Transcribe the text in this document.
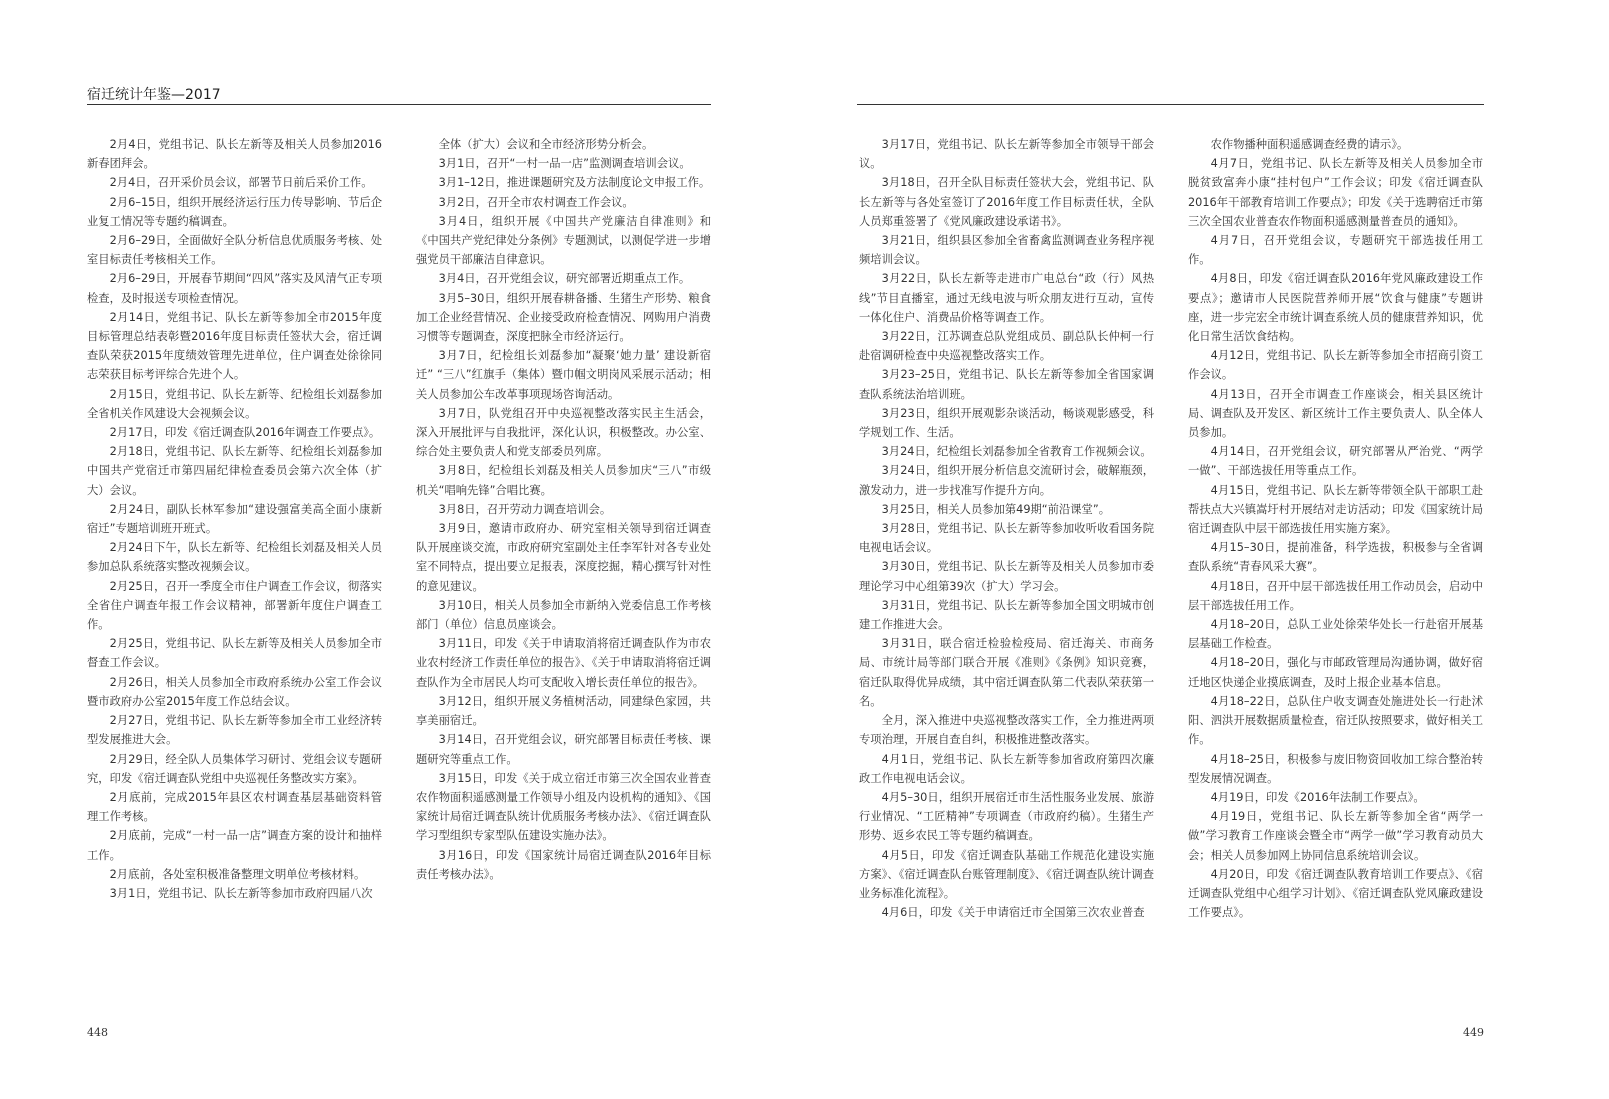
宿迁统计年鉴—2017

2月4日，党组书记、队长左新等及相关人员参加2016新春团拜会。

2月4日，召开采价员会议，部署节日前后采价工作。

2月6–15日，组织开展经济运行压力传导影响、节后企业复工情况等专题约稿调查。

2月6–29日，全面做好全队分析信息优质服务考核、处室目标责任考核相关工作。

2月6–29日，开展春节期间“四风”落实及风清气正专项检查，及时报送专项检查情况。

2月14日，党组书记、队长左新等参加全市2015年度目标管理总结表彰暨2016年度目标责任签状大会，宿迁调查队荣获2015年度绩效管理先进单位，住户调查处徐徐同志荣获目标考评综合先进个人。

2月15日，党组书记、队长左新等、纪检组长刘磊参加全省机关作风建设大会视频会议。

2月17日，印发《宿迁调查队2016年调查工作要点》。

2月18日，党组书记、队长左新等、纪检组长刘磊参加中国共产党宿迁市第四届纪律检查委员会第六次全体（扩大）会议。

2月24日，副队长林军参加“建设强富美高全面小康新宿迁”专题培训班开班式。

2月24日下午，队长左新等、纪检组长刘磊及相关人员参加总队系统落实整改视频会议。

2月25日，召开一季度全市住户调查工作会议，彻落实全省住户调查年报工作会议精神，部署新年度住户调查工作。

2月25日，党组书记、队长左新等及相关人员参加全市督查工作会议。

2月26日，相关人员参加全市政府系统办公室工作会议暨市政府办公室2015年度工作总结会议。

2月27日，党组书记、队长左新等参加全市工业经济转型发展推进大会。

2月29日，经全队人员集体学习研讨、党组会议专题研究，印发《宿迁调查队党组中央巡视任务整改实方案》。

2月底前，完成2015年县区农村调查基层基础资料管理工作考核。

2月底前，完成“一村一品一店”调查方案的设计和抽样工作。

2月底前，各处室积极准备整理文明单位考核材料。

3月1日，党组书记、队长左新等参加市政府四届八次

全体（扩大）会议和全市经济形势分析会。

3月1日，召开“一村一品一店”监测调查培训会议。

3月1–12日，推进课题研究及方法制度论文申报工作。

3月2日，召开全市农村调查工作会议。

3月4日，组织开展《中国共产党廉洁自律准则》和《中国共产党纪律处分条例》专题测试，以测促学进一步增强党员干部廉洁自律意识。

3月4日，召开党组会议，研究部署近期重点工作。

3月5–30日，组织开展春耕备播、生猪生产形势、粮食加工企业经营情况、企业接受政府检查情况、网购用户消费习惯等专题调查，深度把脉全市经济运行。

3月7日，纪检组长刘磊参加“凝聚‘她力量’ 建设新宿迁” “三八”红旗手（集体）暨巾帼文明岗风采展示活动；相关人员参加公车改革事项现场咨询活动。

3月7日，队党组召开中央巡视整改落实民主生活会，深入开展批评与自我批评，深化认识，积极整改。办公室、综合处主要负责人和党支部委员列席。

3月8日，纪检组长刘磊及相关人员参加庆“三八”市级机关“唱响先锋”合唱比赛。

3月8日，召开劳动力调查培训会。

3月9日，邀请市政府办、研究室相关领导到宿迁调查队开展座谈交流，市政府研究室副处主任李军针对各专业处室不同特点，提出要立足报表，深度挖掘，精心撰写针对性的意见建议。

3月10日，相关人员参加全市新纳入党委信息工作考核部门（单位）信息员座谈会。

3月11日，印发《关于申请取消将宿迁调查队作为市农业农村经济工作责任单位的报告》、《关于申请取消将宿迁调查队作为全市居民人均可支配收入增长责任单位的报告》。

3月12日，组织开展义务植树活动，同建绿色家园，共享美丽宿迁。

3月14日，召开党组会议，研究部署目标责任考核、课题研究等重点工作。

3月15日，印发《关于成立宿迁市第三次全国农业普查农作物面积遥感测量工作领导小组及内设机构的通知》、《国家统计局宿迁调查队统计优质服务考核办法》、《宿迁调查队学习型组织专家型队伍建设实施办法》。

3月16日，印发《国家统计局宿迁调查队2016年目标责任考核办法》。

3月17日，党组书记、队长左新等参加全市领导干部会议。

3月18日，召开全队目标责任签状大会，党组书记、队长左新等与各处室签订了2016年度工作目标责任状，全队人员郑重签署了《党风廉政建设承诺书》。

3月21日，组织县区参加全省畜禽监测调查业务程序视频培训会议。

3月22日，队长左新等走进市广电总台“政（行）风热线”节目直播室，通过无线电波与听众朋友进行互动，宣传一体化住户、消费品价格等调查工作。

3月22日，江苏调查总队党组成员、副总队长仲柯一行赴宿调研检查中央巡视整改落实工作。

3月23–25日，党组书记、队长左新等参加全省国家调查队系统法治培训班。

3月23日，组织开展观影杂谈活动，畅谈观影感受，科学规划工作、生活。

3月24日，纪检组长刘磊参加全省教育工作视频会议。

3月24日，组织开展分析信息交流研讨会，破解瓶颈，激发动力，进一步找准写作提升方向。

3月25日，相关人员参加第49期“前沿课堂”。

3月28日，党组书记、队长左新等参加收听收看国务院电视电话会议。

3月30日，党组书记、队长左新等及相关人员参加市委理论学习中心组第39次（扩大）学习会。

3月31日，党组书记、队长左新等参加全国文明城市创建工作推进大会。

3月31日，联合宿迁检验检疫局、宿迁海关、市商务局、市统计局等部门联合开展《准则》《条例》知识竞赛，宿迁队取得优异成绩，其中宿迁调查队第二代表队荣获第一名。

全月，深入推进中央巡视整改落实工作，全力推进两项专项治理，开展自查自纠，积极推进整改落实。

4月1日，党组书记、队长左新等参加省政府第四次廉政工作电视电话会议。

4月5–30日，组织开展宿迁市生活性服务业发展、旅游行业情况、“工匠精神”专项调查（市政府约稿）。生猪生产形势、返乡农民工等专题约稿调查。

4月5日，印发《宿迁调查队基础工作规范化建设实施方案》、《宿迁调查队台账管理制度》、《宿迁调查队统计调查业务标准化流程》。

4月6日，印发《关于申请宿迁市全国第三次农业普查

农作物播种面积遥感调查经费的请示》。

4月7日，党组书记、队长左新等及相关人员参加全市脱贫致富奔小康“挂村包户”工作会议；印发《宿迁调查队2016年干部教育培训工作要点》；印发《关于选聘宿迁市第三次全国农业普查农作物面积遥感测量普查员的通知》。

4月7日，召开党组会议，专题研究干部选拔任用工作。

4月8日，印发《宿迁调查队2016年党风廉政建设工作要点》；邀请市人民医院营养师开展“饮食与健康”专题讲座，进一步完宏全市统计调查系统人员的健康营养知识，优化日常生活饮食结构。

4月12日，党组书记、队长左新等参加全市招商引资工作会议。

4月13日，召开全市调查工作座谈会，相关县区统计局、调查队及开发区、新区统计工作主要负责人、队全体人员参加。

4月14日，召开党组会议，研究部署从严治党、“两学一做”、干部选拔任用等重点工作。

4月15日，党组书记、队长左新等带领全队干部职工赴帮扶点大兴镇嵩圩村开展结对走访活动；印发《国家统计局宿迁调查队中层干部选拔任用实施方案》。

4月15–30日，提前准备，科学选拔，积极参与全省调查队系统“青春风采大赛”。

4月18日，召开中层干部选拔任用工作动员会，启动中层干部选拔任用工作。

4月18–20日，总队工业处徐荣华处长一行赴宿开展基层基础工作检查。

4月18–20日，强化与市邮政管理局沟通协调，做好宿迁地区快递企业摸底调查，及时上报企业基本信息。

4月18–22日，总队住户收支调查处施进处长一行赴沭阳、泗洪开展数据质量检查，宿迁队按照要求，做好相关工作。

4月18–25日，积极参与废旧物资回收加工综合整治转型发展情况调查。

4月19日，印发《2016年法制工作要点》。

4月19日，党组书记、队长左新等参加全省“两学一做”学习教育工作座谈会暨全市“两学一做”学习教育动员大会；相关人员参加网上协同信息系统培训会议。

4月20日，印发《宿迁调查队教育培训工作要点》、《宿迁调查队党组中心组学习计划》、《宿迁调查队党风廉政建设工作要点》。

448	449
